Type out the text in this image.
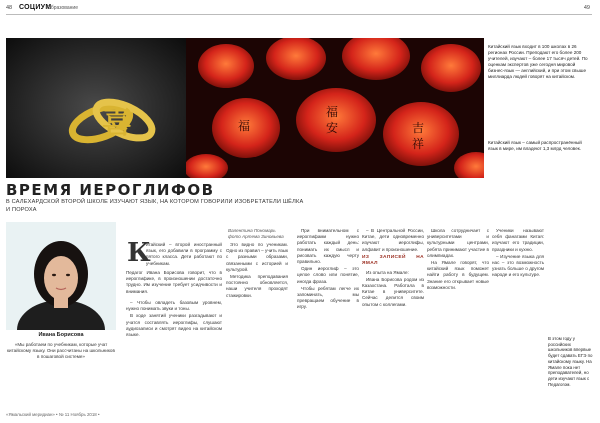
48 СОЦИУМ
Образование	49
喜	福
安	吉
祥
福
Китайский язык входит в 100 школах в 26 регионах России. Преподают его более 200 учителей, изучают – более 17 тысяч детей. По оценкам экспертов уже сегодня мировой бизнес-язык — английский, и при этом свыше миллиарда людей говорят на китайском.
Китайский язык – самый распространённый язык в мире, им владеют 1,3 млрд человек.
ВРЕМЯ ИЕРОГЛИФОВ
В САЛЕХАРДСКОЙ ВТОРОЙ ШКОЛЕ ИЗУЧАЮТ ЯЗЫК, НА КОТОРОМ ГОВОРИЛИ ИЗОБРЕТАТЕЛИ ШЁЛКА И ПОРОХА
Ивана Борисова
«Мы работаем по учебникам, которые учат китайскому языку. Они рассчитаны на школьников в пошаговой системе»
К
итайский – второй иностранный язык, его добавили в программу с пятого класса. Дети работают по учебникам.
Педагог Ивана Борисова говорит, что в иероглифике, в произношении достаточно трудно. Им изучение требует усидчивости и внимания.

– Чтобы овладеть базовым уровнем, нужно понимать звуки и тоны.

В ходе занятий ученики разгадывают и учатся составлять иероглифы, слушают аудиозаписи и смотрят видео на китайском языке.

Валентина Пономарь
фото Артема Зиновьева

Это видно по ученикам. Одно из правил – учить язык с разными образами, связанными с историей и культурой.

Методика преподавания постоянно обновляется, наши учителя проходят стажировки.

При внимательном с иероглифами нужно работать каждый день: понимать их смысл и рисовать каждую черту правильно.

Один иероглиф – это целое слово или понятие, иногда фраза.

Чтобы ребятам легче их запоминать, мы превращаем обучение в игру.

– В Центральной России, Китае, дети одновременно изучают иероглифы, алфавит и произношение.

ИЗ ЗАПИСЕЙ НА ЯМАЛ

Из опыта на Ямале:

Ивана Борисова родом из Казахстана. Работала в Китае в университете. Сейчас делится своим опытом с коллегами.

Школа сотрудничает с университетами и культурными центрами, ребята принимают участие в олимпиадах.

На Ямале говорят, что китайский язык поможет найти работу в будущем. Знание его открывает новые возможности.

Ученики называют себя фанатами Китая: изучают его традиции, праздники и кухню.

– Изучение языка для нас – это возможность узнать больше о другом народе и его культуре.

В этом году у российских школьников впервые будет сдавать ЕГЭ по китайскому языку. На Ямале пока нет преподавателей, но дети изучают язык с Педагогом.
«Ямальский меридиан» • № 11 Ноябрь 2018 •
